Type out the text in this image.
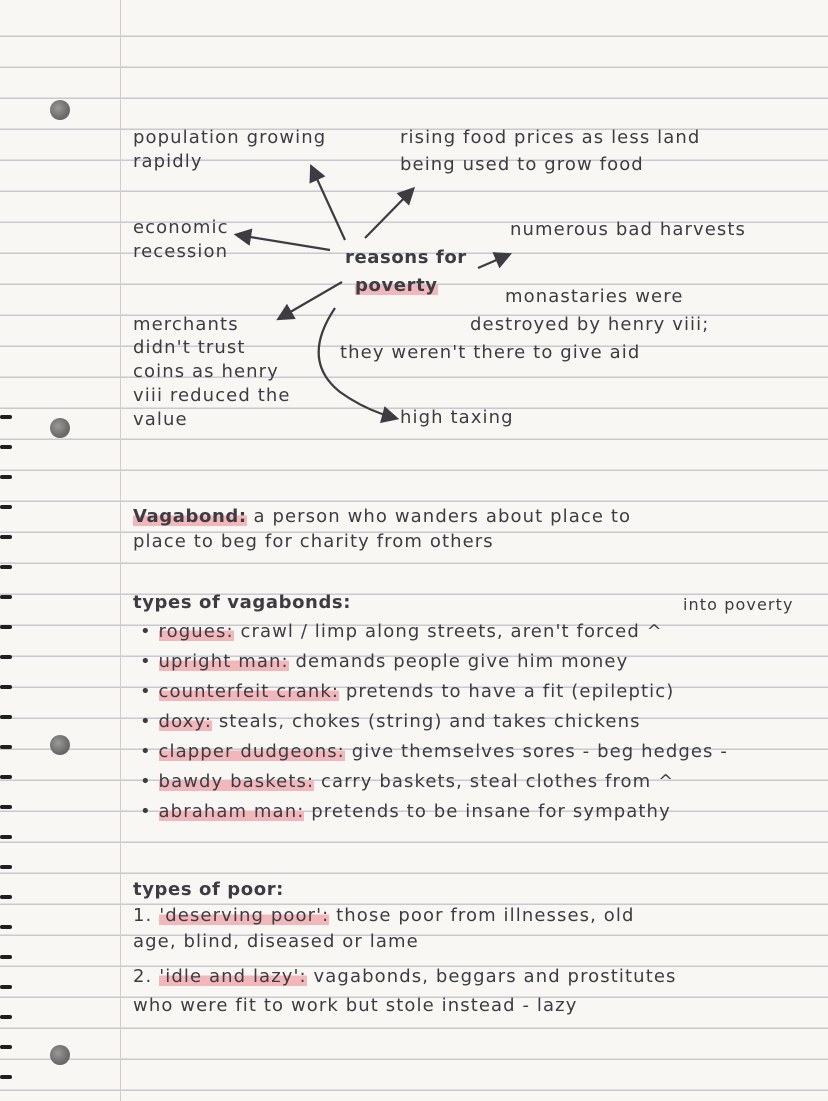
population growing
rapidly
rising food prices as less land
being used to grow food
economic
recession
numerous bad harvests
reasons for
poverty
monastaries were
destroyed by henry viii;
they weren't there to give aid
merchants
didn't trust
coins as henry
viii reduced the
value	high taxing
Vagabond: a person who wanders about place to
place to beg for charity from others
types of vagabonds:	into poverty
• rogues: crawl / limp along streets, aren't forced ^
• upright man: demands people give him money
• counterfeit crank: pretends to have a fit (epileptic)
• doxy: steals, chokes (string) and takes chickens
• clapper dudgeons: give themselves sores - beg hedges -
• bawdy baskets: carry baskets, steal clothes from ^
• abraham man: pretends to be insane for sympathy
types of poor:
1. 'deserving poor': those poor from illnesses, old
age, blind, diseased or lame
2. 'idle and lazy': vagabonds, beggars and prostitutes
who were fit to work but stole instead - lazy
